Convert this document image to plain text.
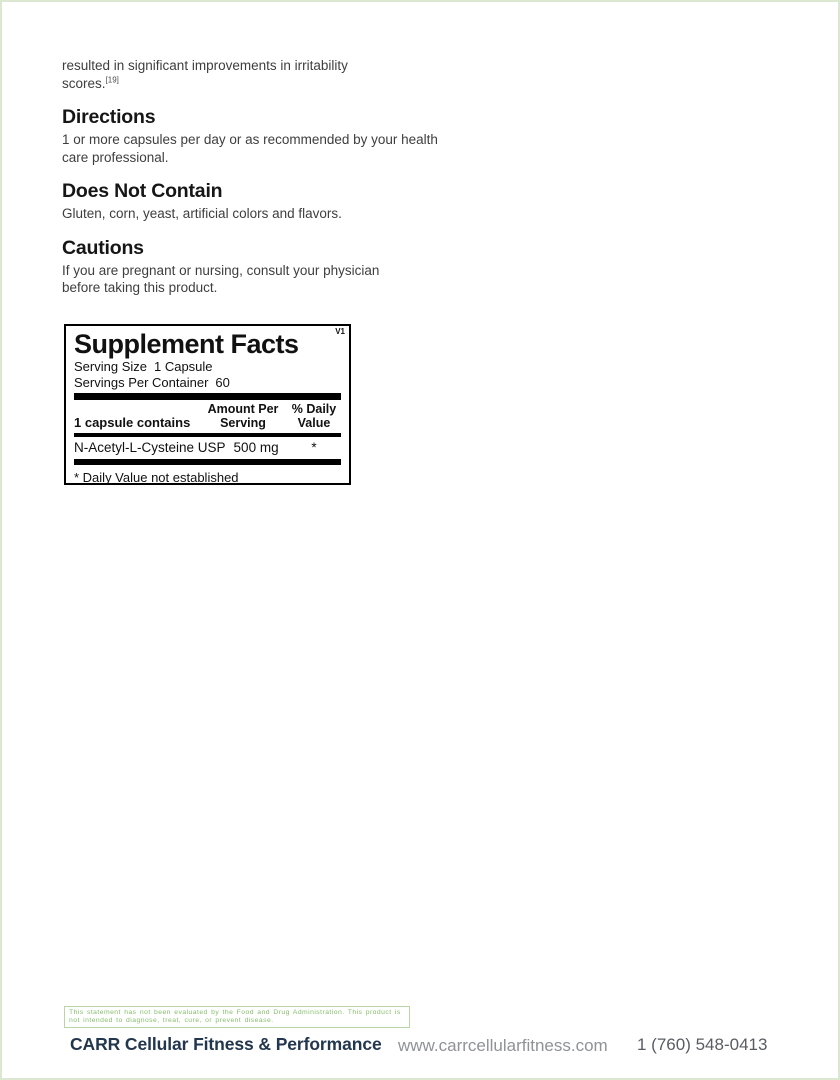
resulted in significant improvements in irritability
scores.[19]
Directions
1 or more capsules per day or as recommended by your health
care professional.
Does Not Contain
Gluten, corn, yeast, artificial colors and flavors.
Cautions
If you are pregnant or nursing, consult your physician
before taking this product.
V1
Supplement Facts
Serving Size 1 Capsule
Servings Per Container 60
1 capsule contains
Amount Per Serving
% Daily Value
N-Acetyl-L-Cysteine USP 500 mg	*
* Daily Value not established
This statement has not been evaluated by the Food and Drug Administration. This product is not intended to diagnose, treat, cure, or prevent disease.
CARR Cellular Fitness & Performance www.carrcellularfitness.com 1 (760) 548-0413
